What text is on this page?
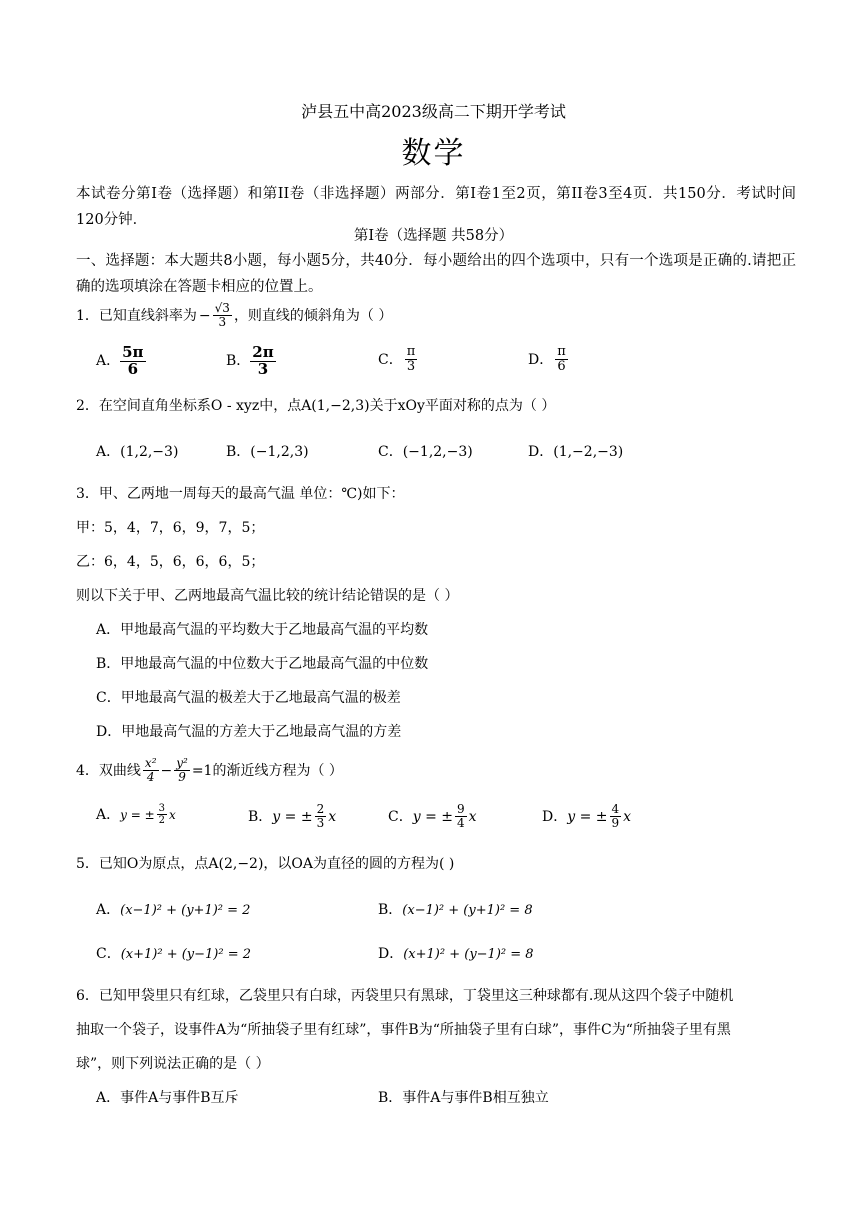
泸县五中高2023级高二下期开学考试
数学
本试卷分第I卷（选择题）和第II卷（非选择题）两部分．第I卷1至2页，第II卷3至4页．共150分．考试时间120分钟．
第I卷（选择题 共58分）
一、选择题：本大题共8小题，每小题5分，共40分．每小题给出的四个选项中，只有一个选项是正确的.请把正确的选项填涂在答题卡相应的位置上。
1．已知直线斜率为 − $\frac{√3}{3}$ ，则直线的倾斜角为（ ）
A．
5π
6	B．
2π
3	C． $\frac{\pi}{3}$	D． $\frac{\pi}{6}$
2．在空间直角坐标系O - xyz中，点A(1,−2,3)关于xOy平面对称的点为（ ）
A．(1,2,−3)	B．(−1,2,3)	C．(−1,2,−3)	D．(1,−2,−3)
3．甲、乙两地一周每天的最高气温 单位：℃)如下：
甲：5，4，7，6，9，7，5；
乙：6，4，5，6，6，6，5；
则以下关于甲、乙两地最高气温比较的统计结论错误的是（ ）
A．甲地最高气温的平均数大于乙地最高气温的平均数
B．甲地最高气温的中位数大于乙地最高气温的中位数
C．甲地最高气温的极差大于乙地最高气温的极差
D．甲地最高气温的方差大于乙地最高气温的方差
4．双曲线 $\frac{\text{x²}}{4} - \frac{\text{y²}}{9} =1$的渐近线方程为（ ）
A． y = ± $\frac{3}{2}$ x	B． y = ± $\frac{2}{3}$ x	C． y = ± $\frac{9}{4}$ x	D． y = ± $\frac{4}{9}$ x
5．已知O为原点，点A(2,−2)，以OA为直径的圆的方程为( )
A．(x−1)² + (y+1)² = 2	B．(x−1)² + (y+1)² = 8
C．(x+1)² + (y−1)² = 2	D．(x+1)² + (y−1)² = 8
6．已知甲袋里只有红球，乙袋里只有白球，丙袋里只有黑球，丁袋里这三种球都有.现从这四个袋子中随机
抽取一个袋子，设事件A为“所抽袋子里有红球”，事件B为“所抽袋子里有白球”，事件C为“所抽袋子里有黑
球”，则下列说法正确的是（ ）
A．事件A与事件B互斥	B．事件A与事件B相互独立
